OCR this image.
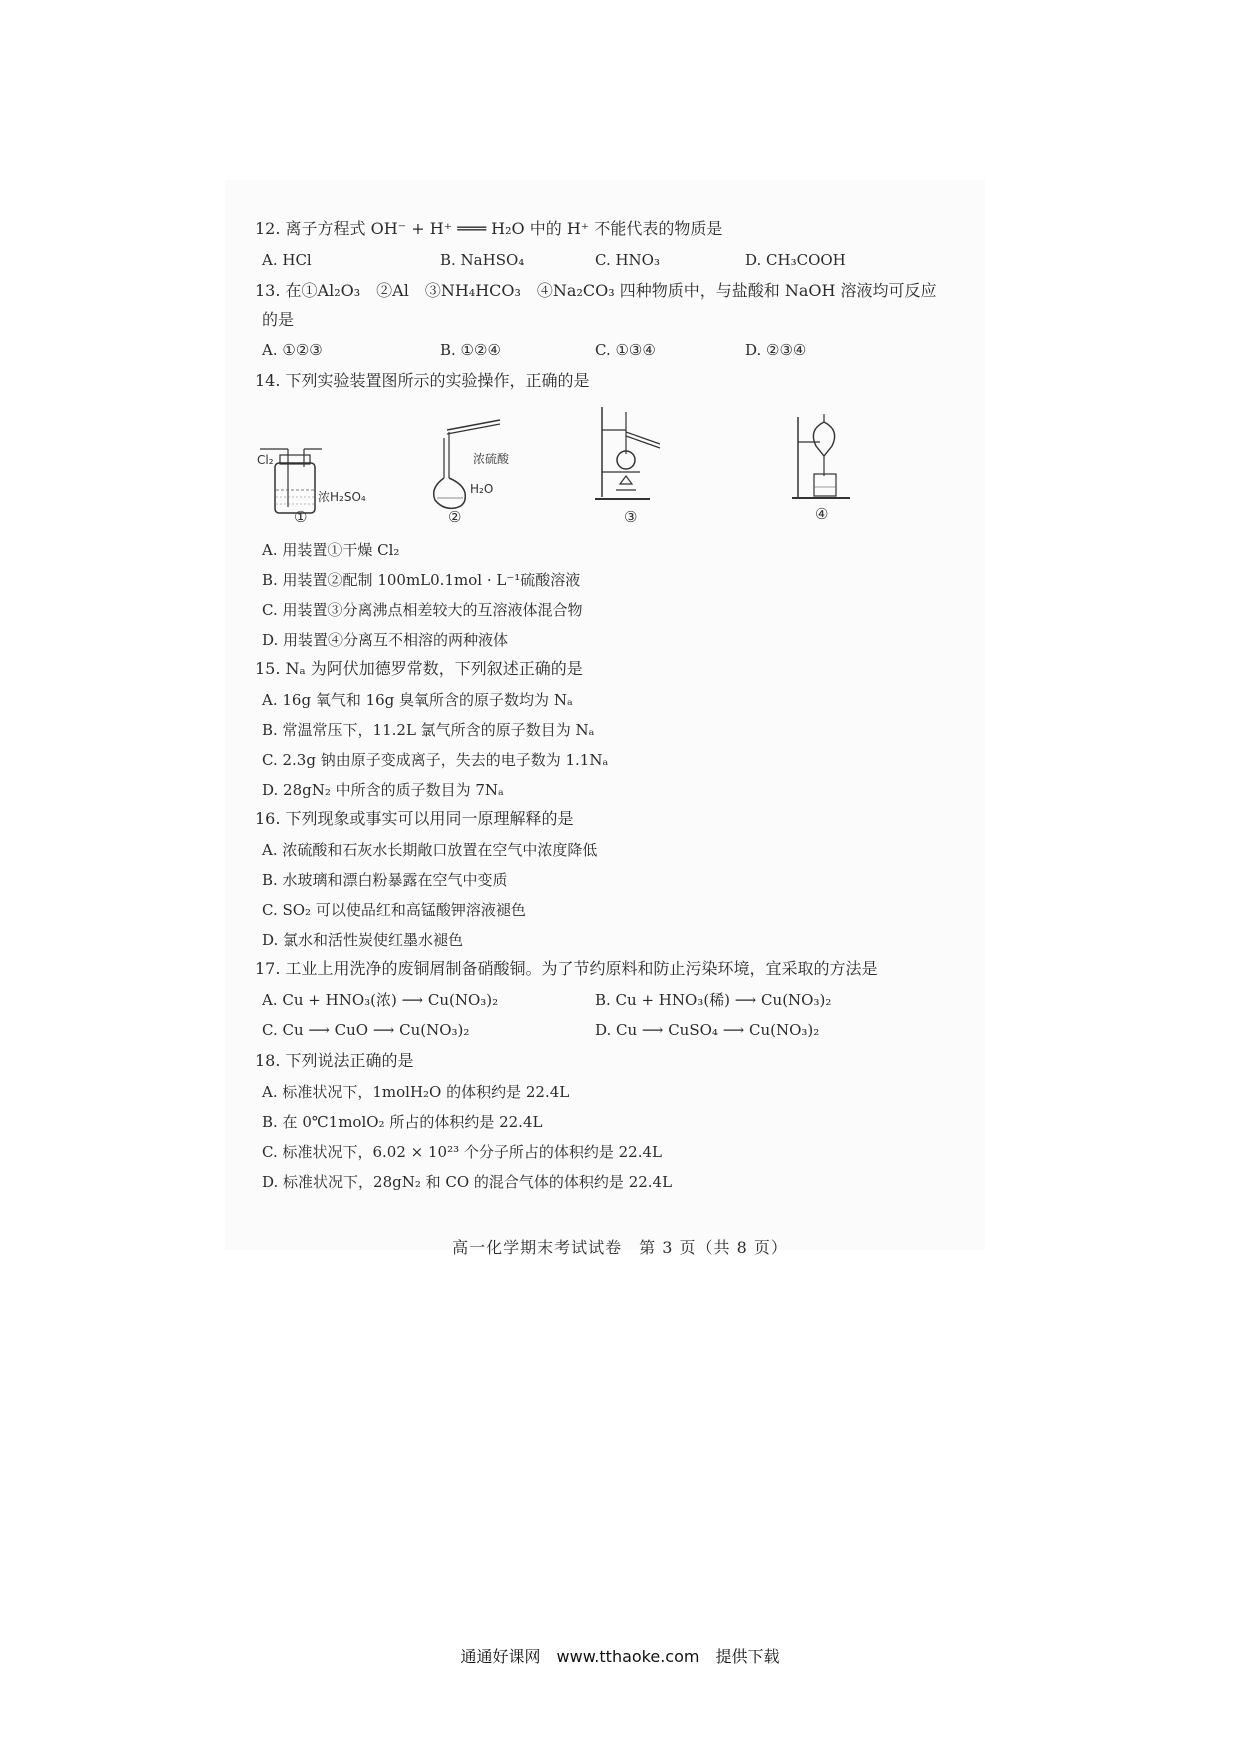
12. 离子方程式 OH⁻ + H⁺ ═══ H₂O 中的 H⁺ 不能代表的物质是
A. HCl	B. NaHSO₄	C. HNO₃	D. CH₃COOH
13. 在①Al₂O₃　②Al　③NH₄HCO₃　④Na₂CO₃ 四种物质中，与盐酸和 NaOH 溶液均可反应
的是
A. ①②③	B. ①②④	C. ①③④	D. ②③④
14. 下列实验装置图所示的实验操作，正确的是
Cl₂
浓H₂SO₄
①
浓硫酸
H₂O
②	③	④
A. 用装置①干燥 Cl₂
B. 用装置②配制 100mL0.1mol · L⁻¹硫酸溶液
C. 用装置③分离沸点相差较大的互溶液体混合物
D. 用装置④分离互不相溶的两种液体
15. Nₐ 为阿伏加德罗常数，下列叙述正确的是
A. 16g 氧气和 16g 臭氧所含的原子数均为 Nₐ
B. 常温常压下，11.2L 氯气所含的原子数目为 Nₐ
C. 2.3g 钠由原子变成离子，失去的电子数为 1.1Nₐ
D. 28gN₂ 中所含的质子数目为 7Nₐ
16. 下列现象或事实可以用同一原理解释的是
A. 浓硫酸和石灰水长期敞口放置在空气中浓度降低
B. 水玻璃和漂白粉暴露在空气中变质
C. SO₂ 可以使品红和高锰酸钾溶液褪色
D. 氯水和活性炭使红墨水褪色
17. 工业上用洗净的废铜屑制备硝酸铜。为了节约原料和防止污染环境，宜采取的方法是
A. Cu + HNO₃(浓) ⟶ Cu(NO₃)₂	B. Cu + HNO₃(稀) ⟶ Cu(NO₃)₂
C. Cu ⟶ CuO ⟶ Cu(NO₃)₂	D. Cu ⟶ CuSO₄ ⟶ Cu(NO₃)₂
18. 下列说法正确的是
A. 标准状况下，1molH₂O 的体积约是 22.4L
B. 在 0℃1molO₂ 所占的体积约是 22.4L
C. 标准状况下，6.02 × 10²³ 个分子所占的体积约是 22.4L
D. 标准状况下，28gN₂ 和 CO 的混合气体的体积约是 22.4L
高一化学期末考试试卷　第 3 页（共 8 页）
通通好课网　www.tthaoke.com　提供下载
